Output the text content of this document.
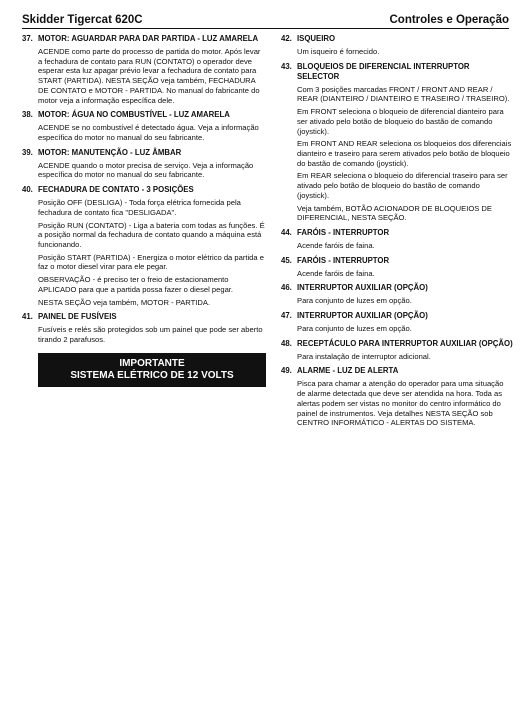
Skidder Tigercat 620C	Controles e Operação
37. MOTOR: AGUARDAR PARA DAR PARTIDA - LUZ AMARELA
ACENDE como parte do processo de partida do motor. Após levar a fechadura de contato para RUN (CONTATO) o operador deve esperar esta luz apagar prévio levar a fechadura de contato para START (PARTIDA). NESTA SEÇÃO veja também, FECHADURA DE CONTATO e MOTOR - PARTIDA. No manual do fabricante do motor veja a informação específica dele.
38. MOTOR: ÁGUA NO COMBUSTÍVEL - LUZ AMARELA
ACENDE se no combustível é detectado água. Veja a informação específica do motor no manual do seu fabricante.
39. MOTOR: MANUTENÇÃO - LUZ ÂMBAR
ACENDE quando o motor precisa de serviço. Veja a informação específica do motor no manual do seu fabricante.
40. FECHADURA DE CONTATO - 3 POSIÇÕES
Posição OFF (DESLIGA) - Toda força elétrica fornecida pela fechadura de contato fica "DESLIGADA".
Posição RUN (CONTATO) - Liga a bateria com todas as funções. É a posição normal da fechadura de contato quando a máquina está funcionando.
Posição START (PARTIDA) - Energiza o motor elétrico da partida e faz o motor diesel virar para ele pegar.
OBSERVAÇÃO - é preciso ter o freio de estacionamento APLICADO para que a partida possa fazer o diesel pegar.
NESTA SEÇÃO veja também, MOTOR - PARTIDA.
41. PAINEL DE FUSÍVEIS
Fusíveis e relés são protegidos sob um painel que pode ser aberto tirando 2 parafusos.
IMPORTANTE
SISTEMA ELÉTRICO DE 12 VOLTS
42. ISQUEIRO
Um isqueiro é fornecido.
43. BLOQUEIOS DE DIFERENCIAL INTERRUPTOR SELECTOR
Com 3 posições marcadas FRONT / FRONT AND REAR / REAR (DIANTEIRO / DIANTEIRO E TRASEIRO / TRASEIRO).
Em FRONT seleciona o bloqueio de diferencial dianteiro para ser ativado pelo botão de bloqueio do bastão de comando (joystick).
Em FRONT AND REAR seleciona os bloqueios dos diferenciais dianteiro e traseiro para serem ativados pelo botão de bloqueio do bastão de comando (joystick).
Em REAR seleciona o bloqueio do diferencial traseiro para ser ativado pelo botão de bloqueio do bastão de comando (joystick).
Veja também, BOTÃO ACIONADOR DE BLOQUEIOS DE DIFERENCIAL, NESTA SEÇÃO.
44. FARÓIS - INTERRUPTOR
Acende faróis de faina.
45. FARÓIS - INTERRUPTOR
Acende faróis de faina.
46. INTERRUPTOR AUXILIAR (OPÇÃO)
Para conjunto de luzes em opção.
47. INTERRUPTOR AUXILIAR (OPÇÃO)
Para conjunto de luzes em opção.
48. RECEPTÁCULO PARA INTERRUPTOR AUXILIAR (OPÇÃO)
Para instalação de interruptor adicional.
49. ALARME - LUZ DE ALERTA
Pisca para chamar a atenção do operador para uma situação de alarme detectada que deve ser atendida na hora. Toda as alertas podem ser vistas no monitor do centro informático do painel de instrumentos. Veja detalhes NESTA SEÇÃO sob CENTRO INFORMÁTICO - ALERTAS DO SISTEMA.
